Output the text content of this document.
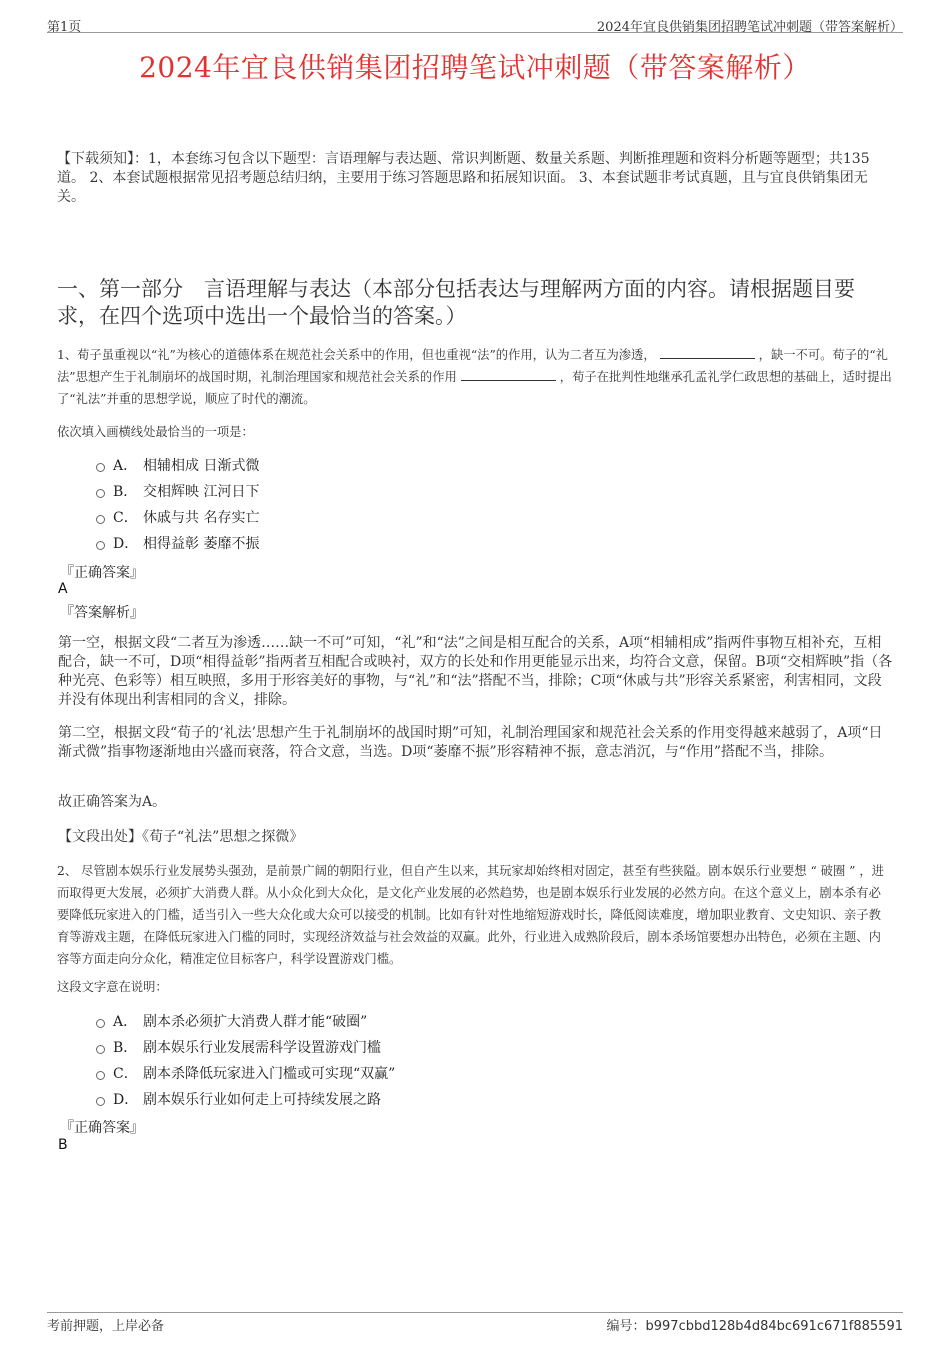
第1页	2024年宜良供销集团招聘笔试冲刺题（带答案解析）
2024年宜良供销集团招聘笔试冲刺题（带答案解析）
【下载须知】：1，本套练习包含以下题型：言语理解与表达题、常识判断题、数量关系题、判断推理题和资料分析题等题型；共135道。 2、本套试题根据常见招考题总结归纳，主要用于练习答题思路和拓展知识面。 3、本套试题非考试真题，且与宜良供销集团无关。
一、第一部分　言语理解与表达（本部分包括表达与理解两方面的内容。请根据题目要求，在四个选项中选出一个最恰当的答案。）
1、荀子虽重视以“礼”为核心的道德体系在规范社会关系中的作用，但也重视“法”的作用，认为二者互为渗透，	，缺一不可。荀子的“礼法”思想产生于礼制崩坏的战国时期，礼制治理国家和规范社会关系的作用	，荀子在批判性地继承孔孟礼学仁政思想的基础上，适时提出了“礼法”并重的思想学说，顺应了时代的潮流。
依次填入画横线处最恰当的一项是：
A． 相辅相成 日渐式微
B． 交相辉映 江河日下
C． 休戚与共 名存实亡
D． 相得益彰 萎靡不振
『正确答案』
A
『答案解析』
第一空，根据文段“二者互为渗透……缺一不可”可知，“礼”和“法”之间是相互配合的关系，A项“相辅相成”指两件事物互相补充，互相配合，缺一不可，D项“相得益彰”指两者互相配合或映衬，双方的长处和作用更能显示出来，均符合文意，保留。B项“交相辉映”指（各种光亮、色彩等）相互映照，多用于形容美好的事物，与“礼”和“法”搭配不当，排除；C项“休戚与共”形容关系紧密，利害相同，文段并没有体现出利害相同的含义，排除。
第二空，根据文段“荀子的‘礼法’思想产生于礼制崩坏的战国时期”可知，礼制治理国家和规范社会关系的作用变得越来越弱了，A项“日渐式微”指事物逐渐地由兴盛而衰落，符合文意，当选。D项“萎靡不振”形容精神不振，意志消沉，与“作用”搭配不当，排除。
故正确答案为A。
【文段出处】《荀子“礼法”思想之探微》
2、 尽管剧本娱乐行业发展势头强劲，是前景广阔的朝阳行业，但自产生以来，其玩家却始终相对固定，甚至有些狭隘。剧本娱乐行业要想 “ 破圈 ” ，进而取得更大发展，必须扩大消费人群。从小众化到大众化，是文化产业发展的必然趋势，也是剧本娱乐行业发展的必然方向。在这个意义上，剧本杀有必要降低玩家进入的门槛，适当引入一些大众化或大众可以接受的机制。比如有针对性地缩短游戏时长，降低阅读难度，增加职业教育、文史知识、亲子教育等游戏主题，在降低玩家进入门槛的同时，实现经济效益与社会效益的双赢。此外，行业进入成熟阶段后，剧本杀场馆要想办出特色，必须在主题、内容等方面走向分众化，精准定位目标客户，科学设置游戏门槛。
这段文字意在说明：
A． 剧本杀必须扩大消费人群才能“破圈”
B． 剧本娱乐行业发展需科学设置游戏门槛
C． 剧本杀降低玩家进入门槛或可实现“双赢”
D． 剧本娱乐行业如何走上可持续发展之路
『正确答案』
B
考前押题，上岸必备	编号：b997cbbd128b4d84bc691c671f885591
